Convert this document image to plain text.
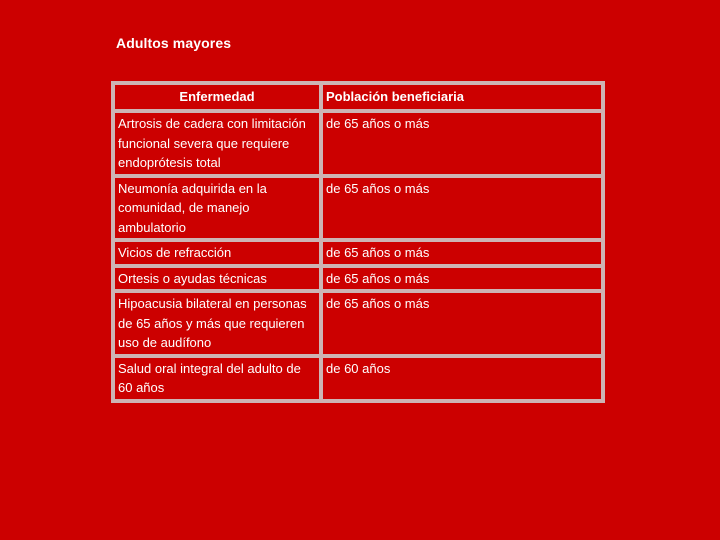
Adultos mayores
Enfermedad	Población beneficiaria
Artrosis de cadera con limitación funcional severa que requiere endoprótesis total	de 65 años o más
Neumonía adquirida en la comunidad, de manejo ambulatorio	de 65 años o más
Vicios de refracción	de 65 años o más
Ortesis o ayudas técnicas	de 65 años o más
Hipoacusia bilateral en personas de 65 años y más que requieren uso de audífono	de 65 años o más
Salud oral integral del adulto de 60 años	de 60 años
